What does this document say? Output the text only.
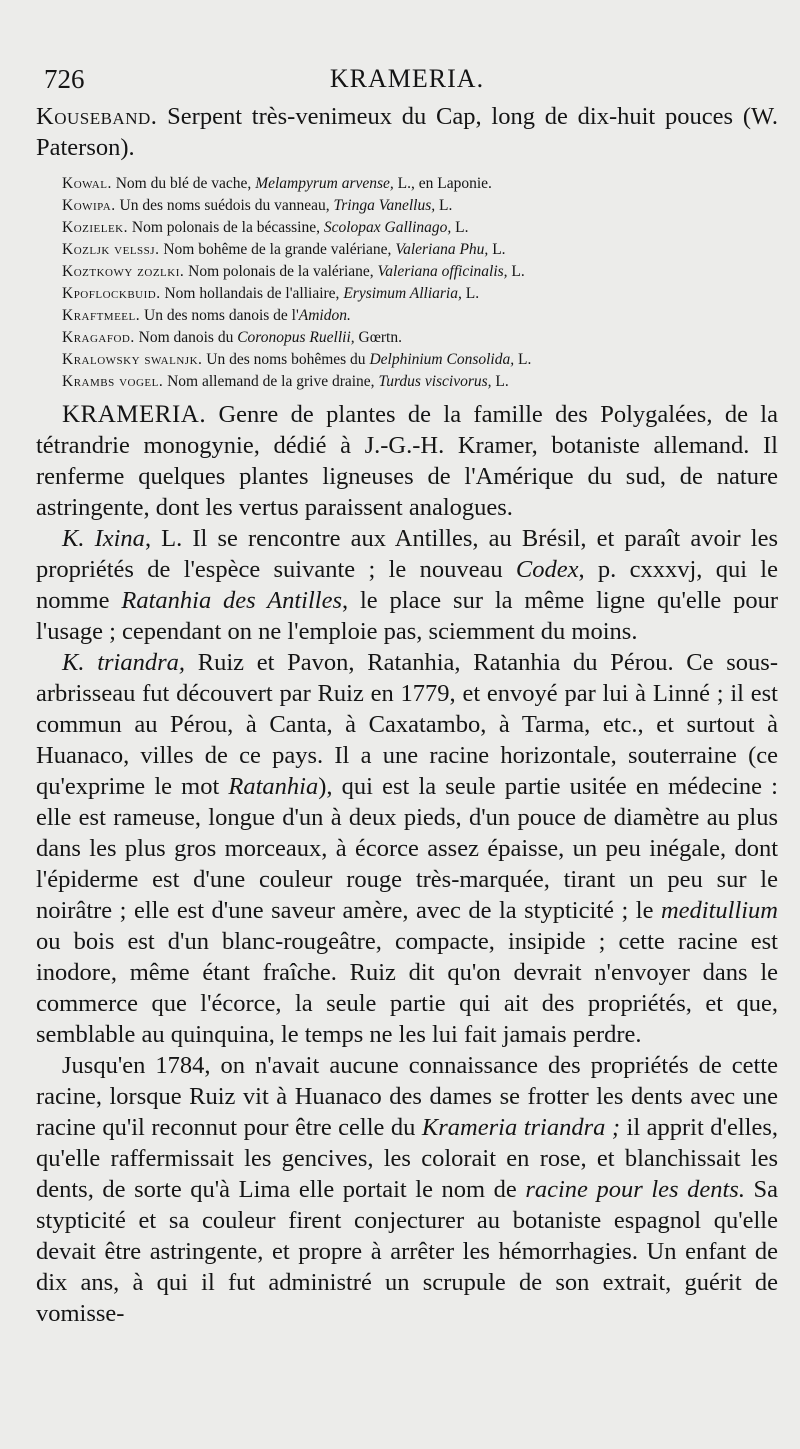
726	KRAMERIA.

Kouseband. Serpent très-venimeux du Cap, long de dix-huit pouces (W. Paterson).

Kowal. Nom du blé de vache, Melampyrum arvense, L., en Laponie.

Kowipa. Un des noms suédois du vanneau, Tringa Vanellus, L.

Kozielek. Nom polonais de la bécassine, Scolopax Gallinago, L.

Kozljk velssj. Nom bohême de la grande valériane, Valeriana Phu, L.

Koztkowy zozlki. Nom polonais de la valériane, Valeriana officinalis, L.

Kpoflockbuid. Nom hollandais de l'alliaire, Erysimum Alliaria, L.

Kraftmeel. Un des noms danois de l'Amidon.

Kragafod. Nom danois du Coronopus Ruellii, Gœrtn.

Kralowsky swalnjk. Un des noms bohêmes du Delphinium Consolida, L.

Krambs vogel. Nom allemand de la grive draine, Turdus viscivorus, L.

KRAMERIA. Genre de plantes de la famille des Polygalées, de la tétrandrie monogynie, dédié à J.-G.-H. Kramer, botaniste allemand. Il renferme quelques plantes ligneuses de l'Amérique du sud, de nature astringente, dont les vertus paraissent analogues.

K. Ixina, L. Il se rencontre aux Antilles, au Brésil, et paraît avoir les propriétés de l'espèce suivante ; le nouveau Codex, p. cxxxvj, qui le nomme Ratanhia des Antilles, le place sur la même ligne qu'elle pour l'usage ; cependant on ne l'emploie pas, sciemment du moins.

K. triandra, Ruiz et Pavon, Ratanhia, Ratanhia du Pérou. Ce sous-arbrisseau fut découvert par Ruiz en 1779, et envoyé par lui à Linné ; il est commun au Pérou, à Canta, à Caxatambo, à Tarma, etc., et surtout à Huanaco, villes de ce pays. Il a une racine horizontale, souterraine (ce qu'exprime le mot Ratanhia), qui est la seule partie usitée en médecine : elle est rameuse, longue d'un à deux pieds, d'un pouce de diamètre au plus dans les plus gros morceaux, à écorce assez épaisse, un peu inégale, dont l'épiderme est d'une couleur rouge très-marquée, tirant un peu sur le noirâtre ; elle est d'une saveur amère, avec de la stypticité ; le meditullium ou bois est d'un blanc-rougeâtre, compacte, insipide ; cette racine est inodore, même étant fraîche. Ruiz dit qu'on devrait n'envoyer dans le commerce que l'écorce, la seule partie qui ait des propriétés, et que, semblable au quinquina, le temps ne les lui fait jamais perdre.

Jusqu'en 1784, on n'avait aucune connaissance des propriétés de cette racine, lorsque Ruiz vit à Huanaco des dames se frotter les dents avec une racine qu'il reconnut pour être celle du Krameria triandra ; il apprit d'elles, qu'elle raffermissait les gencives, les colorait en rose, et blanchissait les dents, de sorte qu'à Lima elle portait le nom de racine pour les dents. Sa stypticité et sa couleur firent conjecturer au botaniste espagnol qu'elle devait être astringente, et propre à arrêter les hémorrhagies. Un enfant de dix ans, à qui il fut administré un scrupule de son extrait, guérit de vomisse-
